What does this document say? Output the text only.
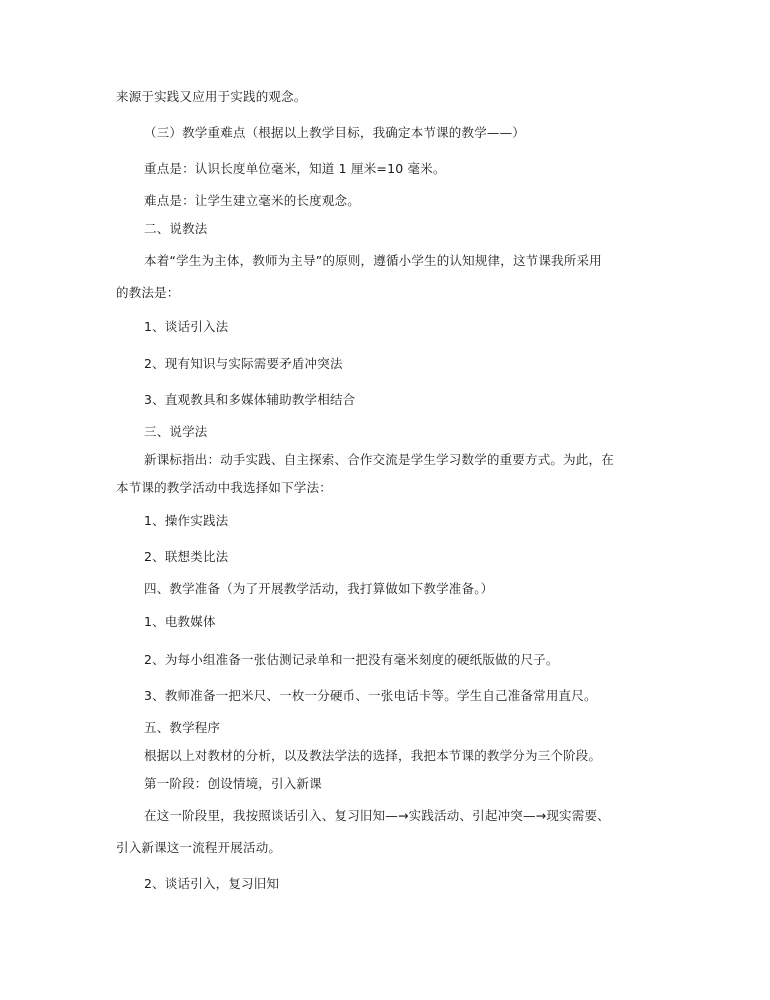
来源于实践又应用于实践的观念。
（三）教学重难点（根据以上教学目标，我确定本节课的教学——）
重点是：认识长度单位毫米，知道 1 厘米=10 毫米。
难点是：让学生建立毫米的长度观念。
二、说教法
本着“学生为主体，教师为主导”的原则，遵循小学生的认知规律，这节课我所采用
的教法是：
1、谈话引入法
2、现有知识与实际需要矛盾冲突法
3、直观教具和多媒体辅助教学相结合
三、说学法
新课标指出：动手实践、自主探索、合作交流是学生学习数学的重要方式。为此，在
本节课的教学活动中我选择如下学法：
1、操作实践法
2、联想类比法
四、教学准备（为了开展教学活动，我打算做如下教学准备。）
1、电教媒体
2、为每小组准备一张估测记录单和一把没有毫米刻度的硬纸版做的尺子。
3、教师准备一把米尺、一枚一分硬币、一张电话卡等。学生自己准备常用直尺。
五、教学程序
根据以上对教材的分析，以及教法学法的选择，我把本节课的教学分为三个阶段。
第一阶段：创设情境，引入新课
在这一阶段里，我按照谈话引入、复习旧知—→实践活动、引起冲突—→现实需要、
引入新课这一流程开展活动。
2、谈话引入，复习旧知
